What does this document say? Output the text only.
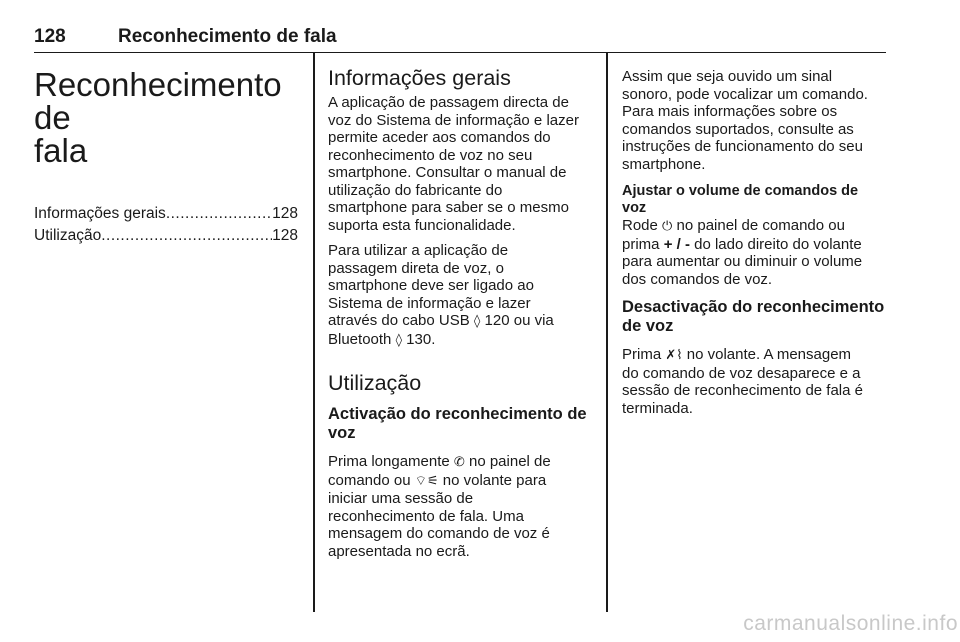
128	Reconhecimento de fala
Reconhecimento de
fala
Informações gerais .....	128
Utilização .....	128
Informações gerais

A aplicação de passagem directa de
voz do Sistema de informação e lazer
permite aceder aos comandos do
reconhecimento de voz no seu
smartphone. Consultar o manual de
utilização do fabricante do
smartphone para saber se o mesmo
suporta esta funcionalidade.

Para utilizar a aplicação de
passagem direta de voz, o
smartphone deve ser ligado ao
Sistema de informação e lazer
através do cabo USB ◊ 120 ou via
Bluetooth ◊ 130.

Utilização
Activação do reconhecimento de
voz

Prima longamente ✆ no painel de
comando ou ⌔⚟ no volante para
iniciar uma sessão de
reconhecimento de fala. Uma
mensagem do comando de voz é
apresentada no ecrã.

Assim que seja ouvido um sinal
sonoro, pode vocalizar um comando.
Para mais informações sobre os
comandos suportados, consulte as
instruções de funcionamento do seu
smartphone.

Ajustar o volume de comandos de
voz

Rode ⏻ no painel de comando ou
prima + / - do lado direito do volante
para aumentar ou diminuir o volume
dos comandos de voz.

Desactivação do reconhecimento
de voz

Prima ✗⌇ no volante. A mensagem
do comando de voz desaparece e a
sessão de reconhecimento de fala é
terminada.

carmanualsonline.info
